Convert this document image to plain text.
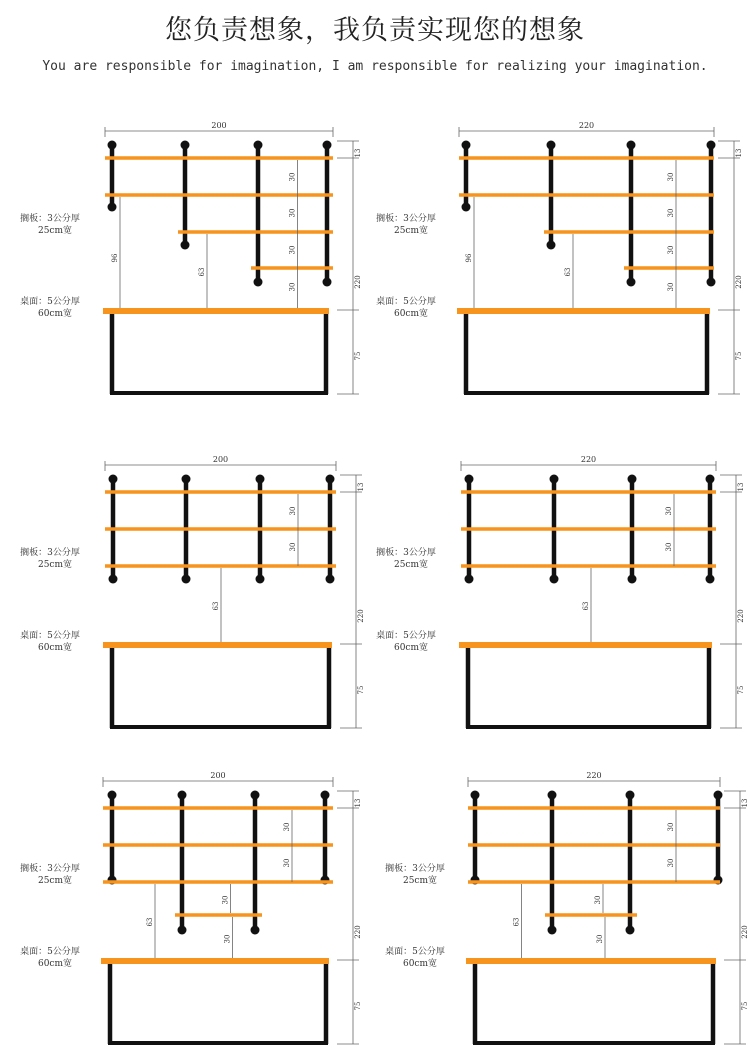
您负责想象，我负责实现您的想象
You are responsible for imagination, I am responsible for realizing your imagination.
200
13
220
75
搁板：3公分厚
25cm宽
桌面：5公分厚
60cm宽
30
30
30
30
96
63
220
13
220
75
搁板：3公分厚
25cm宽
桌面：5公分厚
60cm宽
30
30
30
30
96
63
200
13
220
75
搁板：3公分厚
25cm宽
桌面：5公分厚
60cm宽
30
30
63
220
13
220
75
搁板：3公分厚
25cm宽
桌面：5公分厚
60cm宽
30
30
63
200
13
220
75
搁板：3公分厚
25cm宽
桌面：5公分厚
60cm宽
30
30
30
30
63
220
13
220
75
搁板：3公分厚
25cm宽
桌面：5公分厚
60cm宽
30
30
30
30
63
